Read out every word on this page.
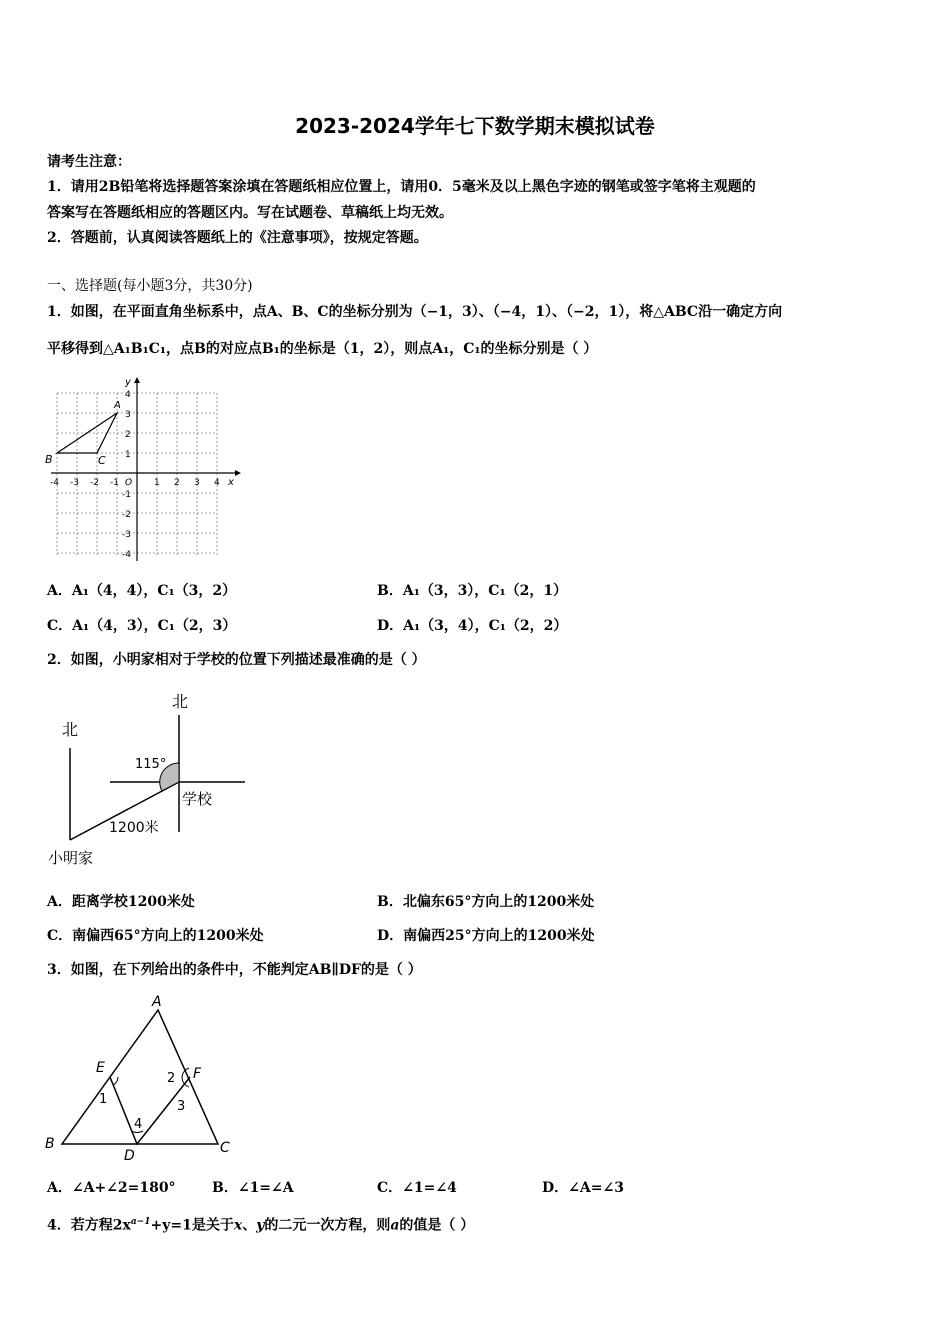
2023-2024学年七下数学期末模拟试卷
请考生注意：
1．请用2B铅笔将选择题答案涂填在答题纸相应位置上，请用0．5毫米及以上黑色字迹的钢笔或签字笔将主观题的
答案写在答题纸相应的答题区内。写在试题卷、草稿纸上均无效。
2．答题前，认真阅读答题纸上的《注意事项》，按规定答题。
一、选择题(每小题3分，共30分)
1．如图，在平面直角坐标系中，点A、B、C的坐标分别为（−1，3）、（−4，1）、（−2，1），将△ABC沿一确定方向
平移得到△A₁B₁C₁，点B的对应点B₁的坐标是（1，2），则点A₁，C₁的坐标分别是（ ）
x
y
-4 -3 -2 -1 O 1 2 3 4
4
3
2
1
-1
-2
-3
-4
A
B	C
A．A₁（4，4），C₁（3，2）	B．A₁（3，3），C₁（2，1）
C．A₁（4，3），C₁（2，3）	D．A₁（3，4），C₁（2，2）
2．如图，小明家相对于学校的位置下列描述最准确的是（ ）
北
北
115°
学校
1200米
小明家
A．距离学校1200米处	B．北偏东65°方向上的1200米处
C．南偏西65°方向上的1200米处	D．南偏西25°方向上的1200米处
3．如图，在下列给出的条件中，不能判定AB∥DF的是（ ）
A
B	C
D
E	F
1
2
3
4
A．∠A+∠2=180°	B．∠1=∠A	C．∠1=∠4	D．∠A=∠3
4．若方程$2x^{a-1}+y=1$是关于x、y的二元一次方程，则a的值是（ ）
